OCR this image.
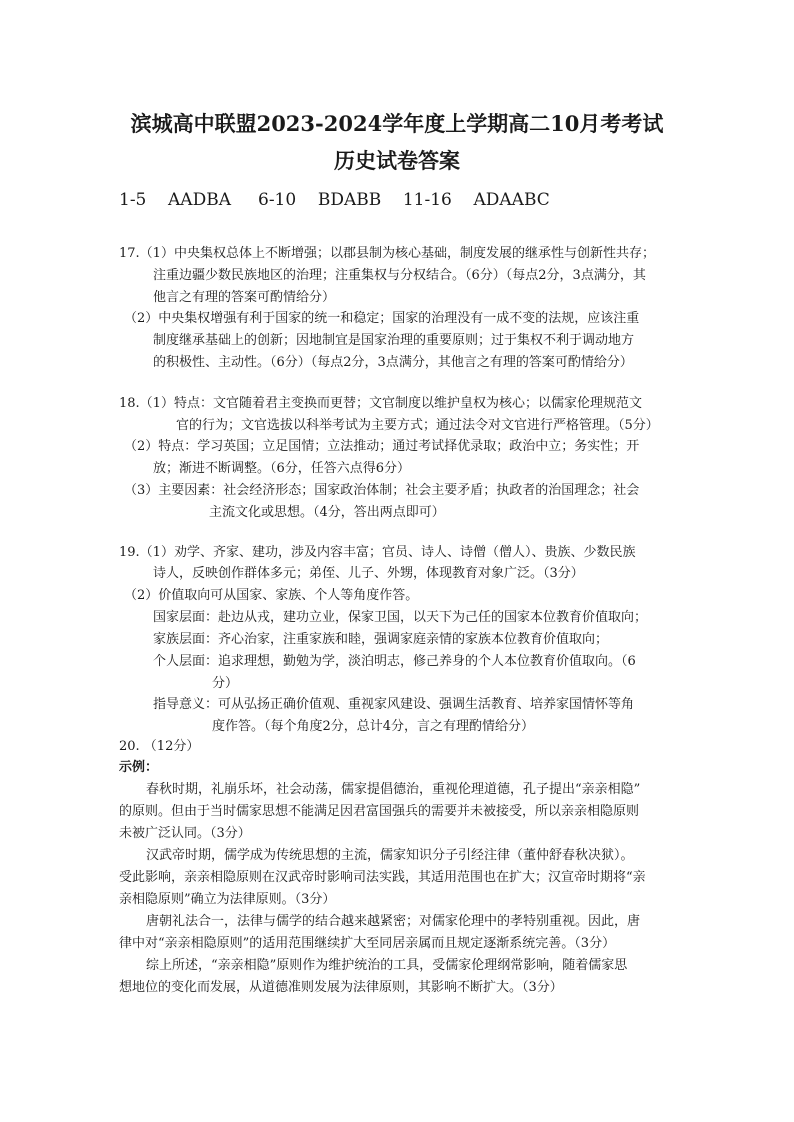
滨城高中联盟2023-2024学年度上学期高二10月考考试
历史试卷答案
1-5 AADBA 6-10 BDABB 11-16 ADAABC
17.（1）中央集权总体上不断增强；以郡县制为核心基础，制度发展的继承性与创新性共存；
注重边疆少数民族地区的治理；注重集权与分权结合。（6分）（每点2分，3点满分，其
他言之有理的答案可酌情给分）
（2）中央集权增强有利于国家的统一和稳定；国家的治理没有一成不变的法规，应该注重
制度继承基础上的创新；因地制宜是国家治理的重要原则；过于集权不利于调动地方
的积极性、主动性。（6分）（每点2分，3点满分，其他言之有理的答案可酌情给分）
18.（1）特点：文官随着君主变换而更替；文官制度以维护皇权为核心；以儒家伦理规范文
官的行为；文官选拔以科举考试为主要方式；通过法令对文官进行严格管理。（5分）
（2）特点：学习英国；立足国情；立法推动；通过考试择优录取；政治中立；务实性；开
放；渐进不断调整。（6分，任答六点得6分）
（3）主要因素：社会经济形态；国家政治体制；社会主要矛盾；执政者的治国理念；社会
主流文化或思想。（4分，答出两点即可）
19.（1）劝学、齐家、建功，涉及内容丰富；官员、诗人、诗僧（僧人）、贵族、少数民族
诗人，反映创作群体多元；弟侄、儿子、外甥，体现教育对象广泛。（3分）
（2）价值取向可从国家、家族、个人等角度作答。
国家层面：赴边从戎，建功立业，保家卫国，以天下为己任的国家本位教育价值取向；
家族层面：齐心治家，注重家族和睦，强调家庭亲情的家族本位教育价值取向；
个人层面：追求理想，勤勉为学，淡泊明志，修己养身的个人本位教育价值取向。（6
分）
指导意义：可从弘扬正确价值观、重视家风建设、强调生活教育、培养家国情怀等角
度作答。（每个角度2分，总计4分，言之有理酌情给分）
20. （12分）
示例：
春秋时期，礼崩乐坏，社会动荡，儒家提倡德治，重视伦理道德，孔子提出“亲亲相隐”
的原则。但由于当时儒家思想不能满足因君富国强兵的需要并未被接受，所以亲亲相隐原则
未被广泛认同。（3分）
汉武帝时期，儒学成为传统思想的主流，儒家知识分子引经注律（董仲舒春秋决狱）。
受此影响，亲亲相隐原则在汉武帝时影响司法实践，其适用范围也在扩大；汉宣帝时期将“亲
亲相隐原则”确立为法律原则。（3分）
唐朝礼法合一，法律与儒学的结合越来越紧密；对儒家伦理中的孝特别重视。因此，唐
律中对“亲亲相隐原则”的适用范围继续扩大至同居亲属而且规定逐渐系统完善。（3分）
综上所述，“亲亲相隐”原则作为维护统治的工具，受儒家伦理纲常影响，随着儒家思
想地位的变化而发展，从道德准则发展为法律原则，其影响不断扩大。（3分）
